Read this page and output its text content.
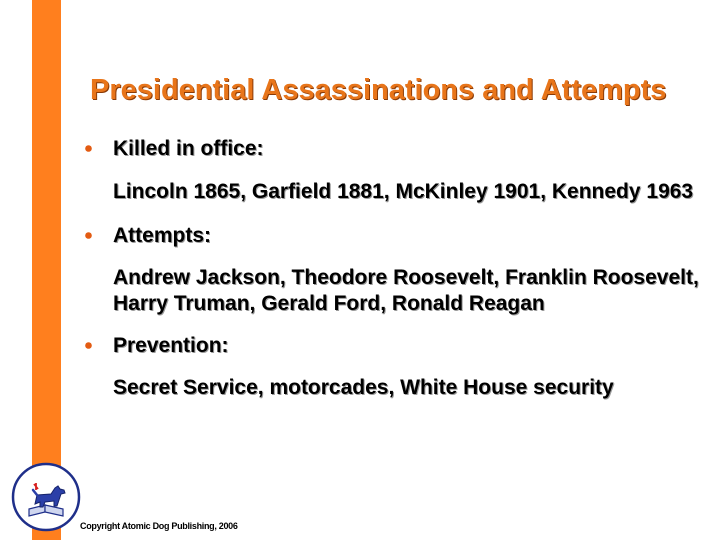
Presidential Assassinations and Attempts
Killed in office:
Lincoln 1865, Garfield 1881, McKinley 1901, Kennedy 1963
Attempts:
Andrew Jackson, Theodore Roosevelt, Franklin Roosevelt, Harry Truman, Gerald Ford, Ronald Reagan
Prevention:
Secret Service, motorcades, White House security
Copyright Atomic Dog Publishing, 2006
